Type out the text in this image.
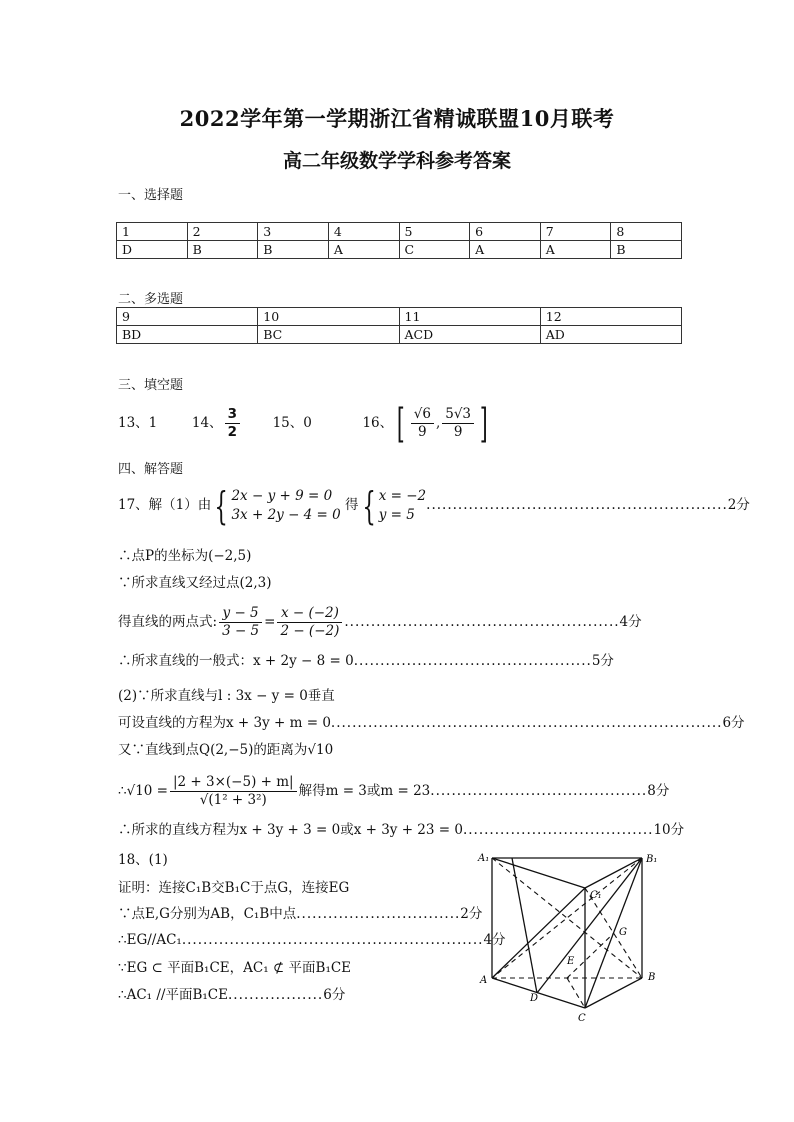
2022学年第一学期浙江省精诚联盟10月联考
高二年级数学学科参考答案
一、选择题
1	2	3	4	5	6	7	8
D	B	B	A	C	A	A	B
二、多选题
9	10	11	12
BD	BC	ACD	AD
三、填空题
13、1	14、 $\frac{3}{2} 15$、0	16、[ $\frac{√6}{9}$ , $\frac{5√3}{9}$ ]
四、解答题
17、解（1）由{ 2x − y + 9 = 0
3x + 2y − 4 = 0
得{ x = −2
y = 5
.........................................................2分
∴点P的坐标为(−2,5)
∵所求直线又经过点(2,3)
得直线的两点式: $\frac{y - 5}{3 - 5} = \frac{x - (-2)}{2 - (-2)} ....................................................4$分
∴所求直线的一般式：x + 2y − 8 = 0.............................................5分
(2)∵所求直线与l : 3x − y = 0垂直
可设直线的方程为x + 3y + m = 0..........................................................................6分
又∵直线到点Q(2,−5)的距离为√10
∴√10 = $\frac{|2 + 3\times(-5) + m|}{\text{√(1² + 3²)}}$ 解得m = 3或m = 23.........................................8分
∴所求的直线方程为x + 3y + 3 = 0或x + 3y + 23 = 0....................................10分
18、(1)
证明：连接C₁B交B₁C于点G，连接EG
∵点E,G分别为AB，C₁B中点...............................2分
∴EG//AC₁.........................................................4分
∵EG ⊂ 平面B₁CE，AC₁ ⊄ 平面B₁CE
∴AC₁ //平面B₁CE..................6分
A₁	B₁
C₁
G
E
A	B
D
C
